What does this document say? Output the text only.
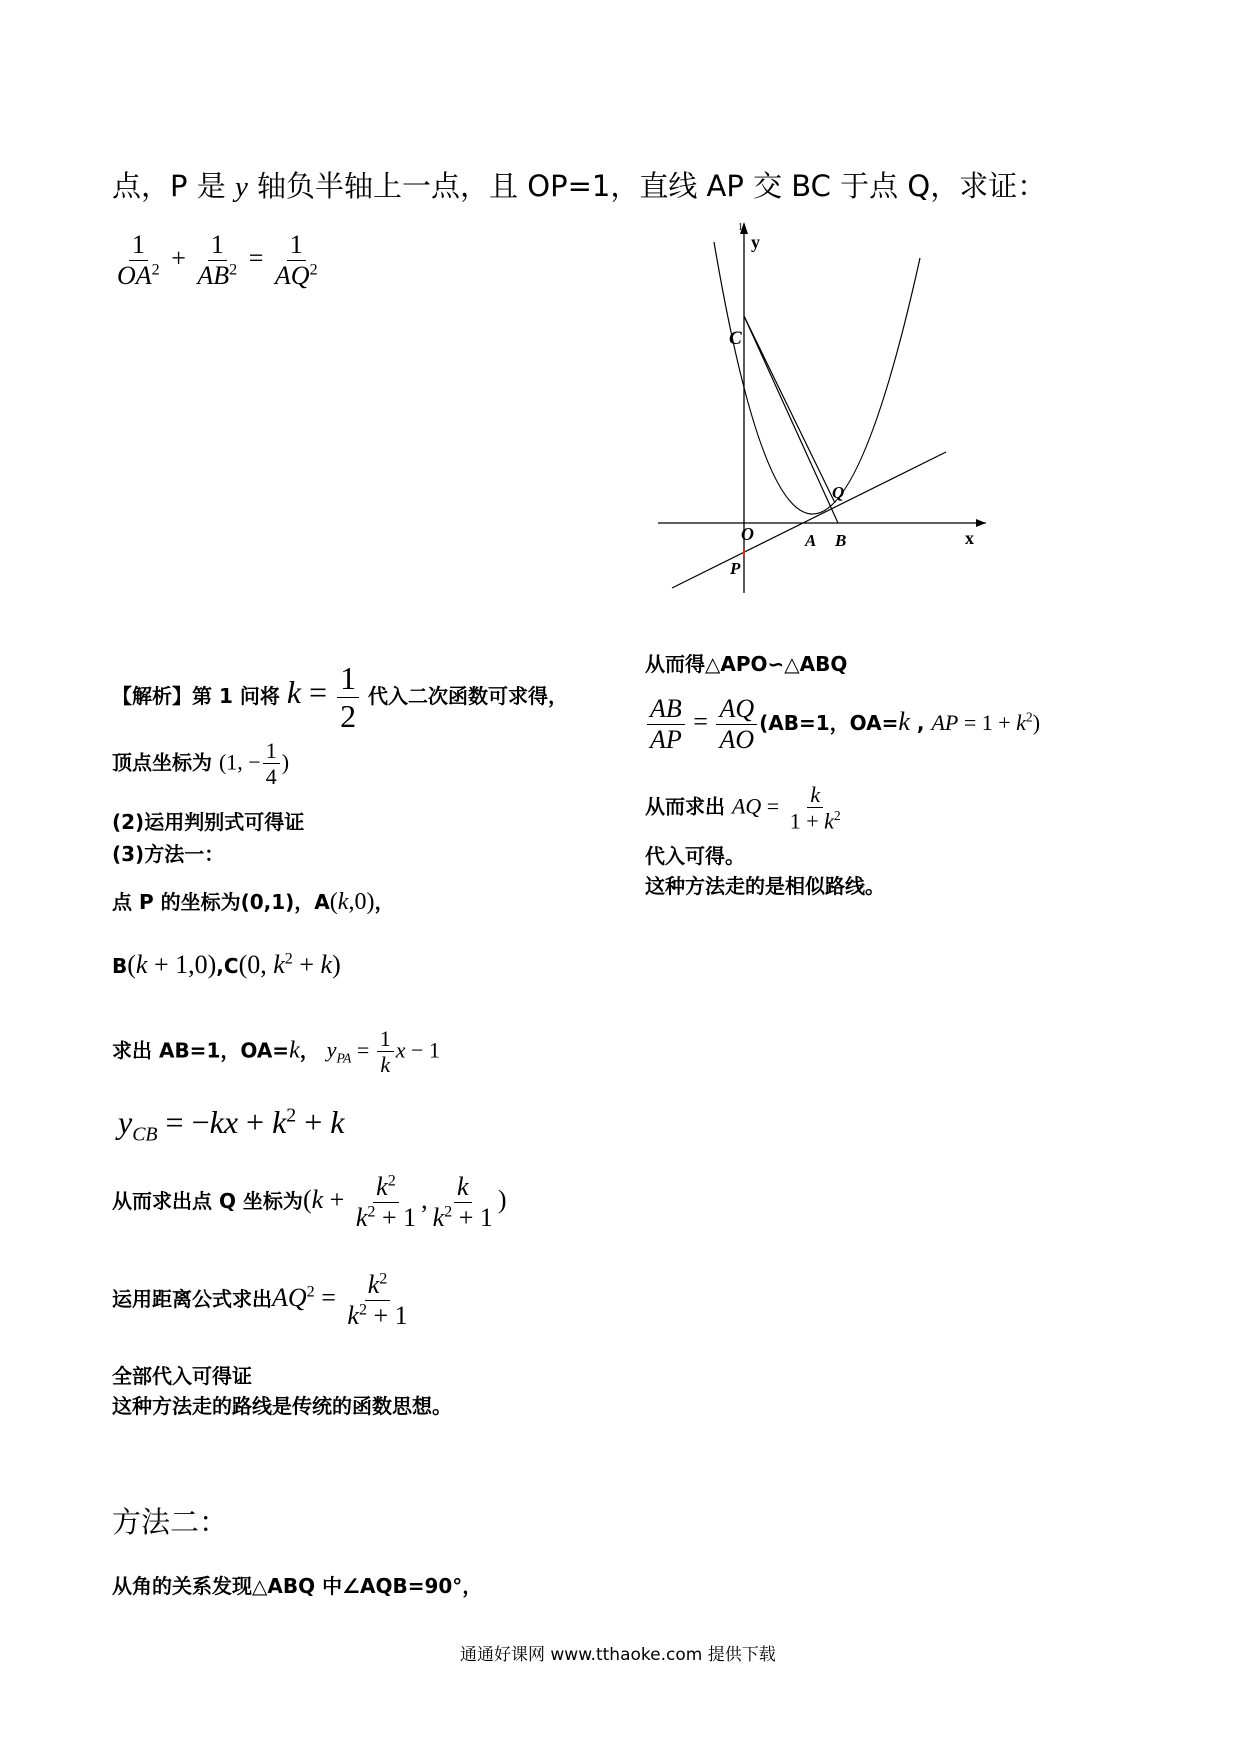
点，P 是 y 轴负半轴上一点，且 OP=1，直线 AP 交 BC 于点 Q，求证：
$\frac{1}{OA^2} + \frac{1}{AB^2} = \frac{1}{AQ^2}$
C
y
1
x
O	A B
P
Q
【解析】第 1 问将 $k = \frac{1}{2}$ 代入二次函数可求得，
顶点坐标为 (1, − $\frac{1}{4}$ )
(2)运用判别式可得证
(3)方法一：
点 P 的坐标为(0,1)，A(k,0)，
B(k + 1,0),C(0, $k^2 + k$)
求出 AB=1，OA=k， $y_{PA} = \frac{1}{k}$ x − 1
$y_{CB} = -kx + k^2 + k$
从而求出点 Q 坐标为($k + \frac{k^2}{k^2 + 1}$ , $\frac{k}{k^2 + 1}$ )
运用距离公式求出$AQ^2 = \frac{k^2}{k^2 + 1}$
全部代入可得证
这种方法走的路线是传统的函数思想。
方法二：
从角的关系发现△ABQ 中∠AQB=90°，
从而得△APO∽△ABQ
$\frac{AB}{AP} = \frac{AQ}{AO} (AB=1$，OA=k , AP = $1 + k^2$)
从而求出 AQ = $\frac{k}{1 + k^2}$
代入可得。
这种方法走的是相似路线。
通通好课网 www.tthaoke.com 提供下载
